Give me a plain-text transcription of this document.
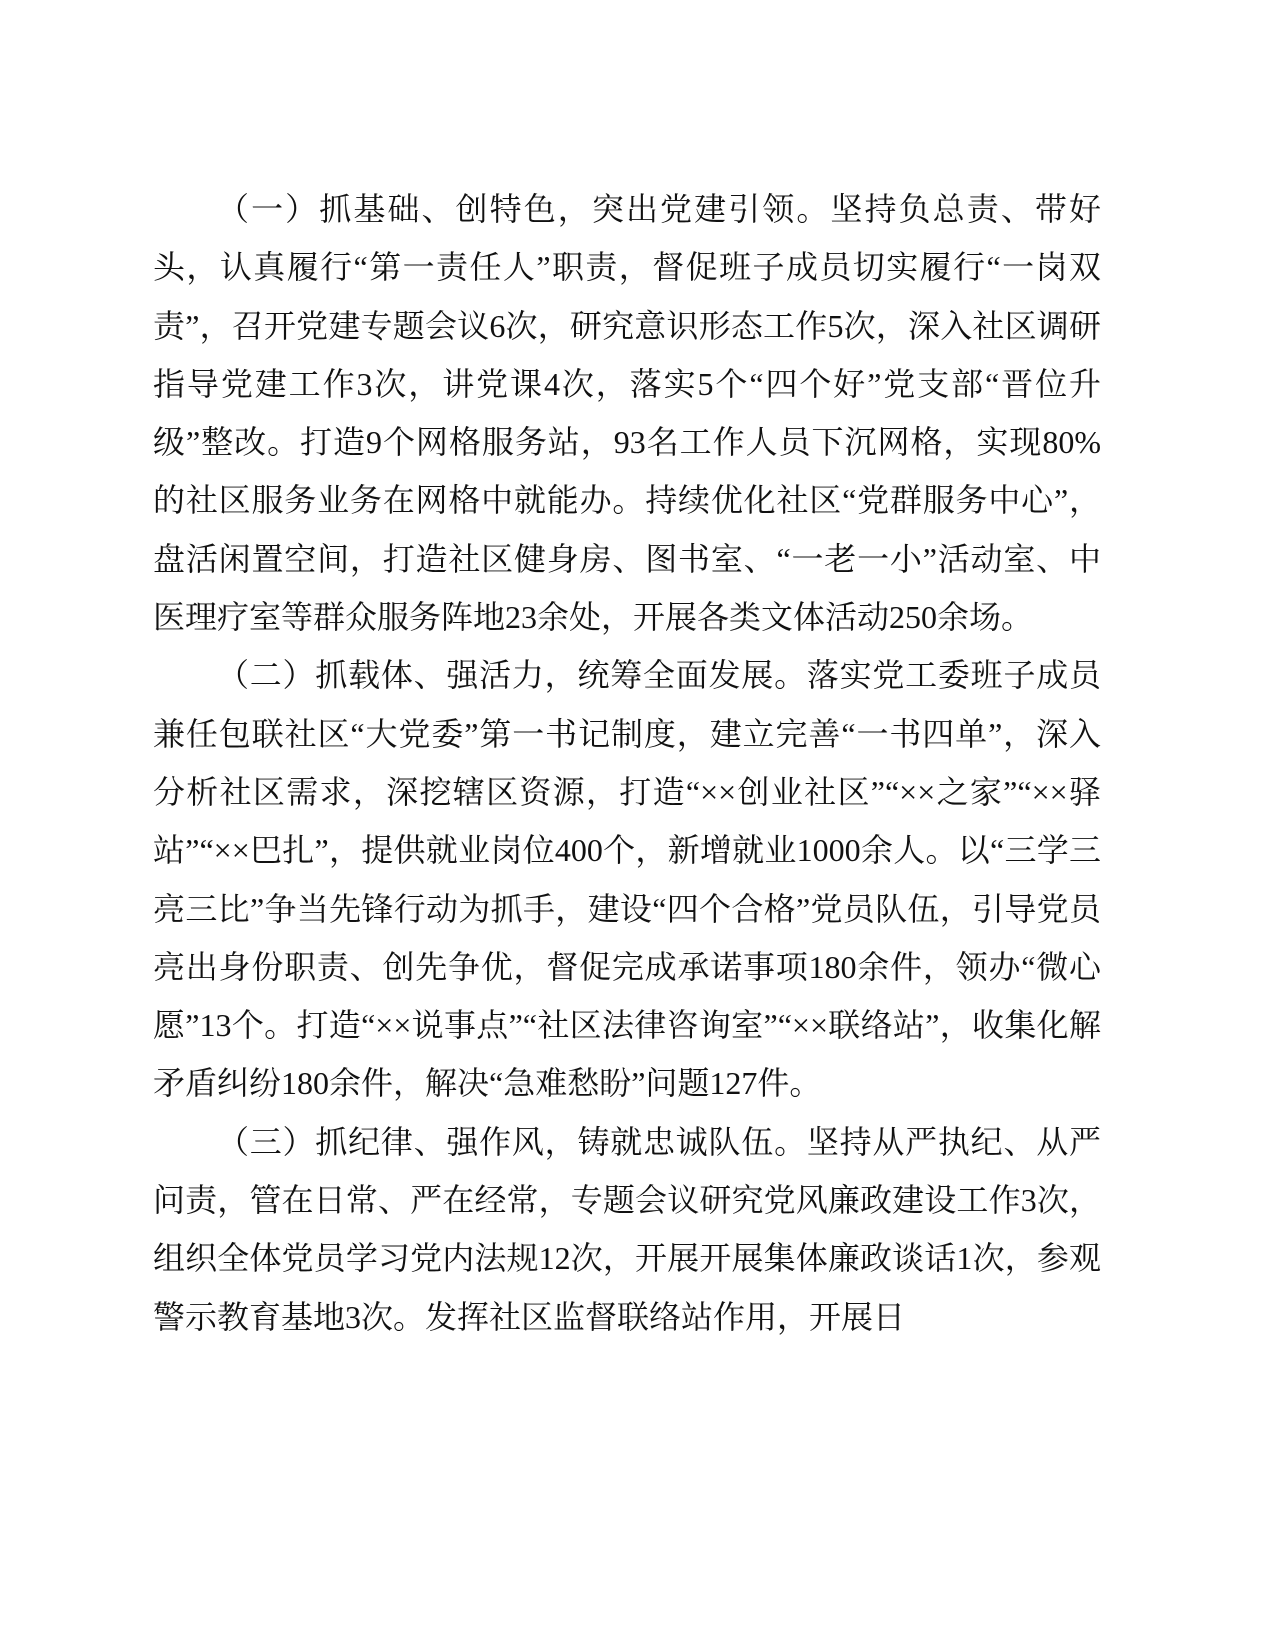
（一）抓基础、创特色，突出党建引领。坚持负总责、带好头，认真履行“第一责任人”职责，督促班子成员切实履行“一岗双责”，召开党建专题会议6次，研究意识形态工作5次，深入社区调研指导党建工作3次，讲党课4次，落实5个“四个好”党支部“晋位升级”整改。打造9个网格服务站，93名工作人员下沉网格，实现80%的社区服务业务在网格中就能办。持续优化社区“党群服务中心”，盘活闲置空间，打造社区健身房、图书室、“一老一小”活动室、中医理疗室等群众服务阵地23余处，开展各类文体活动250余场。

（二）抓载体、强活力，统筹全面发展。落实党工委班子成员兼任包联社区“大党委”第一书记制度，建立完善“一书四单”，深入分析社区需求，深挖辖区资源，打造“××创业社区”“××之家”“××驿站”“××巴扎”，提供就业岗位400个，新增就业1000余人。以“三学三亮三比”争当先锋行动为抓手，建设“四个合格”党员队伍，引导党员亮出身份职责、创先争优，督促完成承诺事项180余件，领办“微心愿”13个。打造“××说事点”“社区法律咨询室”“××联络站”，收集化解矛盾纠纷180余件，解决“急难愁盼”问题127件。

（三）抓纪律、强作风，铸就忠诚队伍。坚持从严执纪、从严问责，管在日常、严在经常，专题会议研究党风廉政建设工作3次，组织全体党员学习党内法规12次，开展开展集体廉政谈话1次，参观警示教育基地3次。发挥社区监督联络站作用，开展日
